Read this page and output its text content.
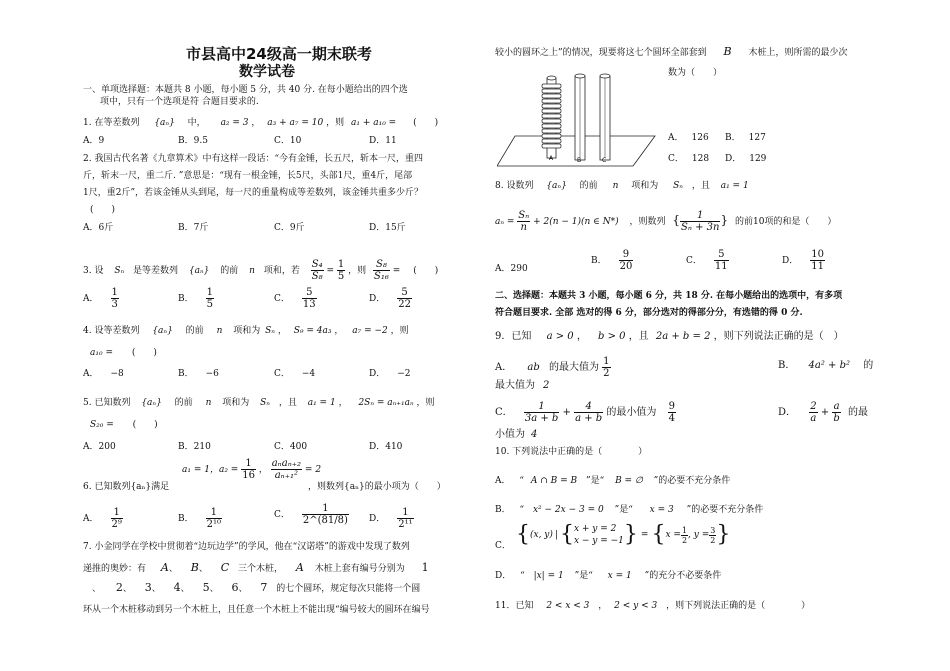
市县高中24级高一期末联考
数学试卷
一、单项选择题：本题共 8 小题，每小题 5 分，共 40 分. 在每小题给出的四个选
项中，只有一个选项是符 合题目要求的.
1. 在等差数列 {aₙ} 中， a₂ = 3 ， a₃ + a₇ = 10 ，则 a₁ + a₁₀ = (　　)
A．9	B．9.5	C．10	D．11
2. 我国古代名著《九章算术》中有这样一段话：“今有金锤，长五尺，斩本一尺，重四
斤，斩末一尺，重二斤. ”意思是：“现有一根金锤，长5尺，头部1尺，重4斤，尾部
1尺，重2斤”，若该金锤从头到尾，每一尺的重量构成等差数列，该金锤共重多少斤？
(　　)
A．6斤	B．7斤	C．9斤	D．15斤
3. 设 Sₙ 是等差数列 {aₙ} 的前 n 项和，若 $\frac{\text{S₄}}{\text{S₈}} = \frac{1}{5}$ ，则 $\frac{\text{S₈}}{\text{S₁₆}}$ = (　　)
A． $\frac{1}{3}$	B． $\frac{1}{5}$	C． $\frac{5}{13}$	D． $\frac{5}{22}$
4. 设等差数列 {aₙ} 的前 n 项和为 Sₙ ， S₉ = 4a₃ ， a₇ = −2 ，则
a₁₀ = (　　)
A． −8	B． −6	C． −4	D． −2
5. 已知数列 {aₙ} 的前 n 项和为 Sₙ ，且 a₁ = 1 ， 2Sₙ = aₙ₊₁aₙ ，则
S₂₀ = (　　)
A．200	B．210	C．400	D．410
a₁ = 1，$a_2 = \frac{1}{16}$ ， $\frac{\text{aₙaₙ₊₂}}{\text{aₙ₊₁²}} = 2$
6. 已知数列{aₙ}满足	，则数列{aₙ}的最小项为（　　）
A． $\frac{1}{\text{2⁹}}$	B． $\frac{1}{\text{2¹⁰}}$	C． $\frac{1}{2\^{}(81/8)}$ D． $\frac{1}{\text{2¹¹}}$
7. 小金同学在学校中贯彻着“边玩边学”的学风，他在“汉诺塔”的游戏中发现了数列
递推的奥妙：有 A、 B、 C 三个木桩， A 木桩上套有编号分别为 1
、 2、 3、 4、 5、 6、 7 的七个圆环，规定每次只能将一个圆
环从一个木桩移动到另一个木桩上，且任意一个木桩上不能出现“编号较大的圆环在编号
较小的圆环之上”的情况，现要将这七个圆环全部套到 B 木桩上，则所需的最少次
数为（　　）
A	B	C
A． 126 B． 127
C． 128 D． 129
8. 设数列 {aₙ} 的前 n 项和为 Sₙ ，且 a₁ = 1
$a_n = \frac{\text{Sₙ}}{n} + 2(n - 1)(n$ ∈ N*) ，则数列 { $\frac{1}{\text{Sₙ + 3n}}$ } 的前10项的和是（　　）
A．290
B． $\frac{9}{20}$	C． $\frac{5}{11}$	D． $\frac{10}{11}$
二、选择题：本题共 3 小题，每小题 6 分，共 18 分. 在每小题给出的选项中，有多项
符合题目要求. 全部 选对的得 6 分，部分选对的得部分分，有选错的得 0 分.
9．已知 a > 0 ， b > 0 ，且 2a + b = 2 ，则下列说法正确的是（　）
A． ab 的最大值为 $\frac{1}{2}$	B． 4a² + b² 的
最大值为 2
C． $\frac{1}{3a + b} + \frac{4}{a + b}$ 的最小值为 $\frac{9}{4}$	D． $\frac{2}{a} + \frac{a}{b}$ 的最
小值为 4
10. 下列说法中正确的是（　　　　）
A． “ A ∩ B = B ”是“ B = ∅ ”的必要不充分条件
B． “ x² − 2x − 3 = 0 ”是“ x = 3 ”的必要不充分条件
C． {(x, y) |{ x + y = 2
x − y = −1 } = {$x = \frac{1}{2}$ , $y = \frac{3}{2}$ }
D． “ |x| = 1 ”是“ x = 1 ”的充分不必要条件
11．已知 2 < x < 3 ， 2 < y < 3 ，则下列说法正确的是（　　　　）
